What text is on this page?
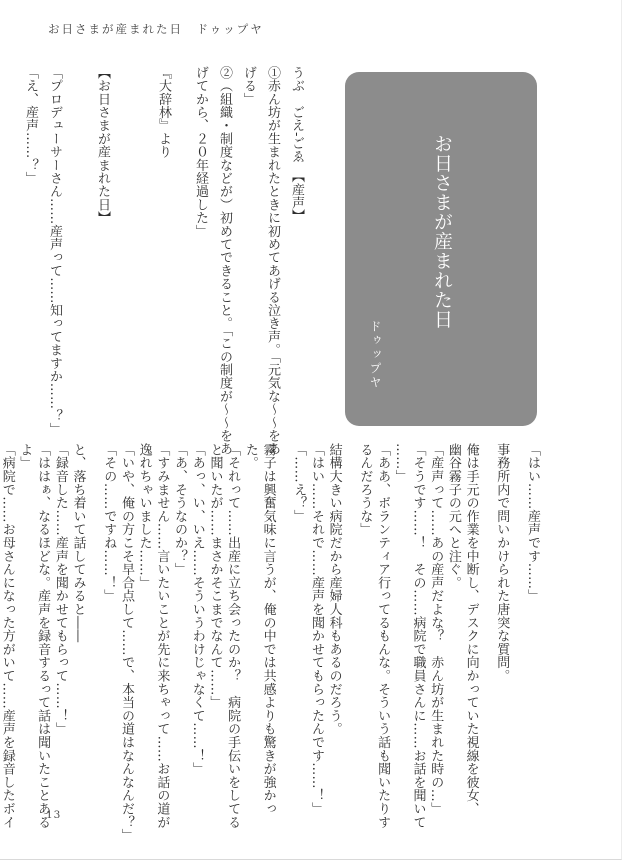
お日さまが産まれた日　ドゥップヤ
お日さまが産まれた日
ドゥップヤ

うぶ　ごえ‐ごゑ　【産声】

①赤ん坊が生まれたときに初めてあげる泣き声。「元気な～～をあ

げる」

②（組織・制度などが）初めてできること。「この制度が～～をあ

げてから、２０年経過した」

『大辞林』より

【お日さまが産まれた日】

「プロデューサーさん……産声って……知ってますか……？」

「え、産声……？」

「はい……産声です……」

事務所内で問いかけられた唐突な質問。

俺は手元の作業を中断し、デスクに向かっていた視線を彼女、

幽谷霧子の元へと注ぐ。

「産声って……あの産声だよな？　赤ん坊が生まれた時の…」

「そうです……！　その……病院で職員さんに……お話を聞いて

……」

「ああ、ボランティア行ってるもんな。そういう話も聞いたりす

るんだろうな」

結構大きい病院だから産婦人科もあるのだろう。

「はい……それで……産声を聞かせてもらったんです……！」

「……え？」

霧子は興奮気味に言うが、俺の中では共感よりも驚きが強かっ

た。

「それって……出産に立ち会ったのか？　病院の手伝いをしてる

と聞いたが……まさかそこまでなんて……」

「あっ、い、いえ……そういうわけじゃなくて……！」

「あ、そうなのか？」

「すみません……言いたいことが先に来ちゃって……お話の道が

逸れちゃいました……」

「いや、俺の方こそ早合点して……で、本当の道はなんなんだ？」

「その……ですね……！」

と、落ち着いて話してみると――

「録音した……産声を聞かせてもらって……！」

「ははぁ、なるほどな。産声を録音するって話は聞いたことある

よ」

「病院で……お母さんになった方がいて……産声を録音したボイ	13
